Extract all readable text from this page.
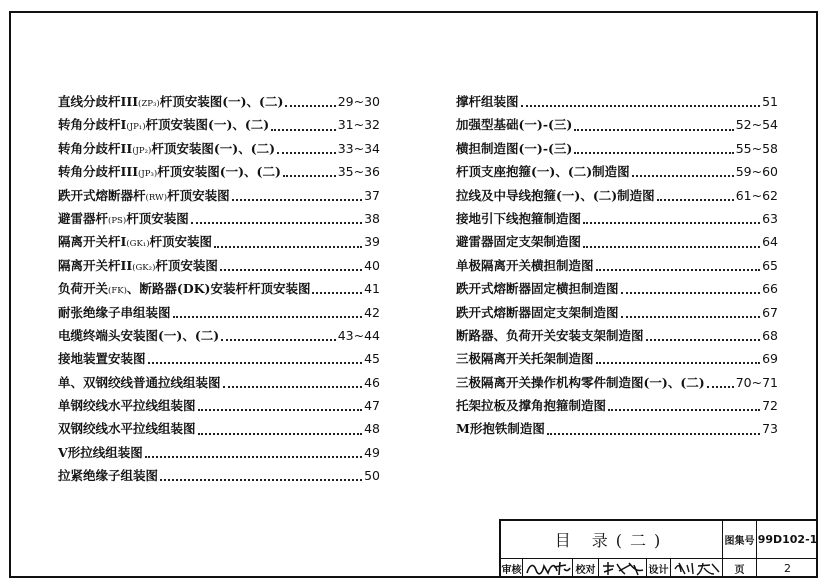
直线分歧杆III(ZP₃)杆顶安装图(一)、(二)	29~30
转角分歧杆I(JP₁)杆顶安装图(一)、(二)	31~32
转角分歧杆II(JP₂)杆顶安装图(一)、(二)	33~34
转角分歧杆III(JP₃)杆顶安装图(一)、(二)	35~36
跌开式熔断器杆(RW)杆顶安装图	37
避雷器杆(PS)杆顶安装图	38
隔离开关杆I(GK₁)杆顶安装图	39
隔离开关杆II(GK₂)杆顶安装图	40
负荷开关(FK)、断路器(DK)安装杆杆顶安装图	41
耐张绝缘子串组装图	42
电缆终端头安装图(一)、(二)	43~44
接地装置安装图	45
单、双钢绞线普通拉线组装图	46
单钢绞线水平拉线组装图	47
双钢绞线水平拉线组装图	48
V形拉线组装图	49
拉紧绝缘子组装图	50
撑杆组装图	51
加强型基础(一)-(三)	52~54
横担制造图(一)-(三)	55~58
杆顶支座抱箍(一)、(二)制造图	59~60
拉线及中导线抱箍(一)、(二)制造图	61~62
接地引下线抱箍制造图	63
避雷器固定支架制造图	64
单极隔离开关横担制造图	65
跌开式熔断器固定横担制造图	66
跌开式熔断器固定支架制造图	67
断路器、负荷开关安装支架制造图	68
三极隔离开关托架制造图	69
三极隔离开关操作机构零件制造图(一)、(二) 70~71
托架拉板及撑角抱箍制造图	72
M形抱铁制造图	73
目 录(二)	图集号 99D102-1
审核	校对	设计	页	2
